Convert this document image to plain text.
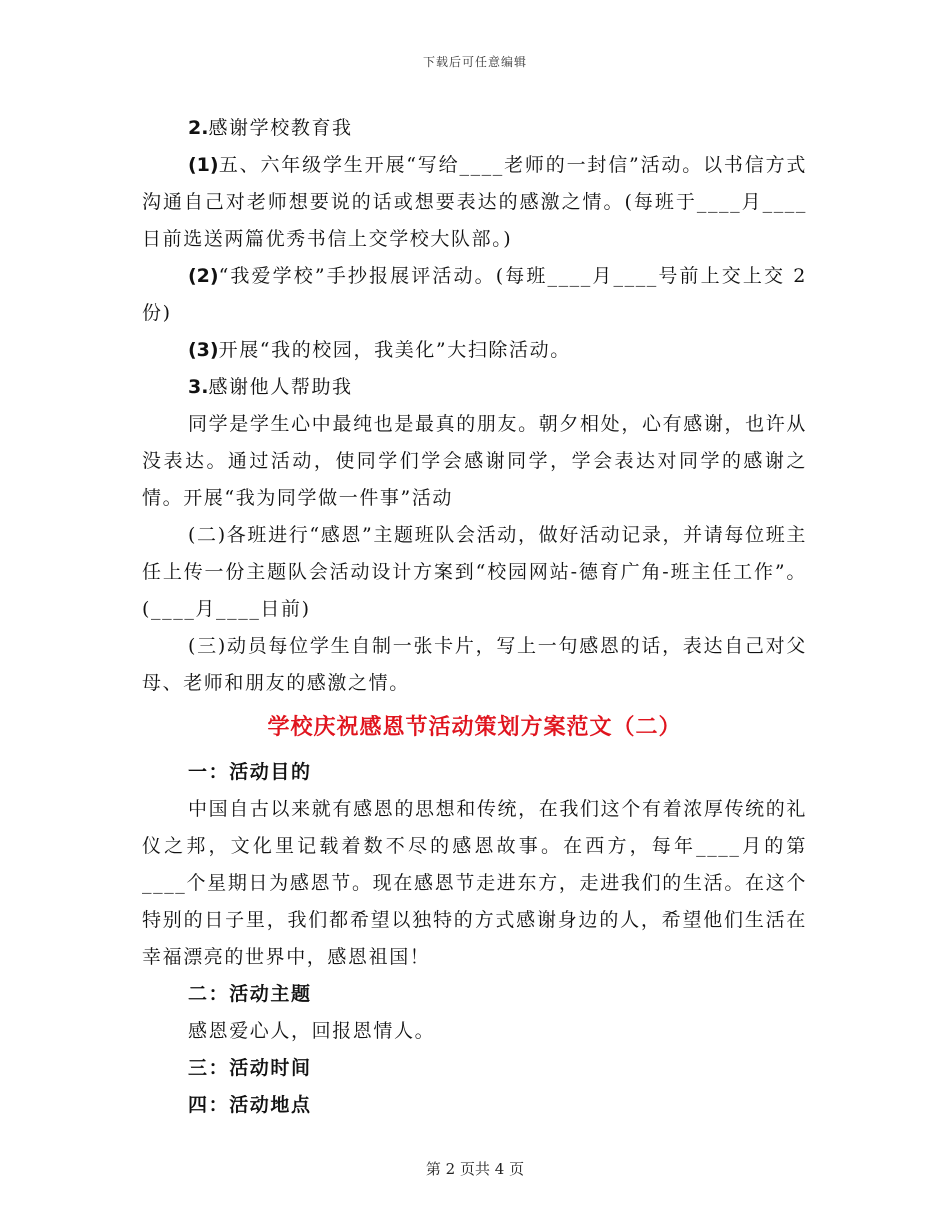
下载后可任意编辑

2.感谢学校教育我

(1)五、六年级学生开展“写给____老师的一封信”活动。以书信方式沟通自己对老师想要说的话或想要表达的感激之情。(每班于____月____日前选送两篇优秀书信上交学校大队部。)

(2)“我爱学校”手抄报展评活动。(每班____月____号前上交上交 2 份)

(3)开展“我的校园，我美化”大扫除活动。

3.感谢他人帮助我

同学是学生心中最纯也是最真的朋友。朝夕相处，心有感谢，也许从没表达。通过活动，使同学们学会感谢同学，学会表达对同学的感谢之情。开展“我为同学做一件事”活动

(二)各班进行“感恩”主题班队会活动，做好活动记录，并请每位班主任上传一份主题队会活动设计方案到“校园网站-德育广角-班主任工作”。(____月____日前)

(三)动员每位学生自制一张卡片，写上一句感恩的话，表达自己对父母、老师和朋友的感激之情。

学校庆祝感恩节活动策划方案范文（二）

一：活动目的

中国自古以来就有感恩的思想和传统，在我们这个有着浓厚传统的礼仪之邦，文化里记载着数不尽的感恩故事。在西方，每年____月的第____个星期日为感恩节。现在感恩节走进东方，走进我们的生活。在这个特别的日子里，我们都希望以独特的方式感谢身边的人，希望他们生活在幸福漂亮的世界中，感恩祖国！

二：活动主题

感恩爱心人，回报恩情人。

三：活动时间

四：活动地点

第 2 页共 4 页
